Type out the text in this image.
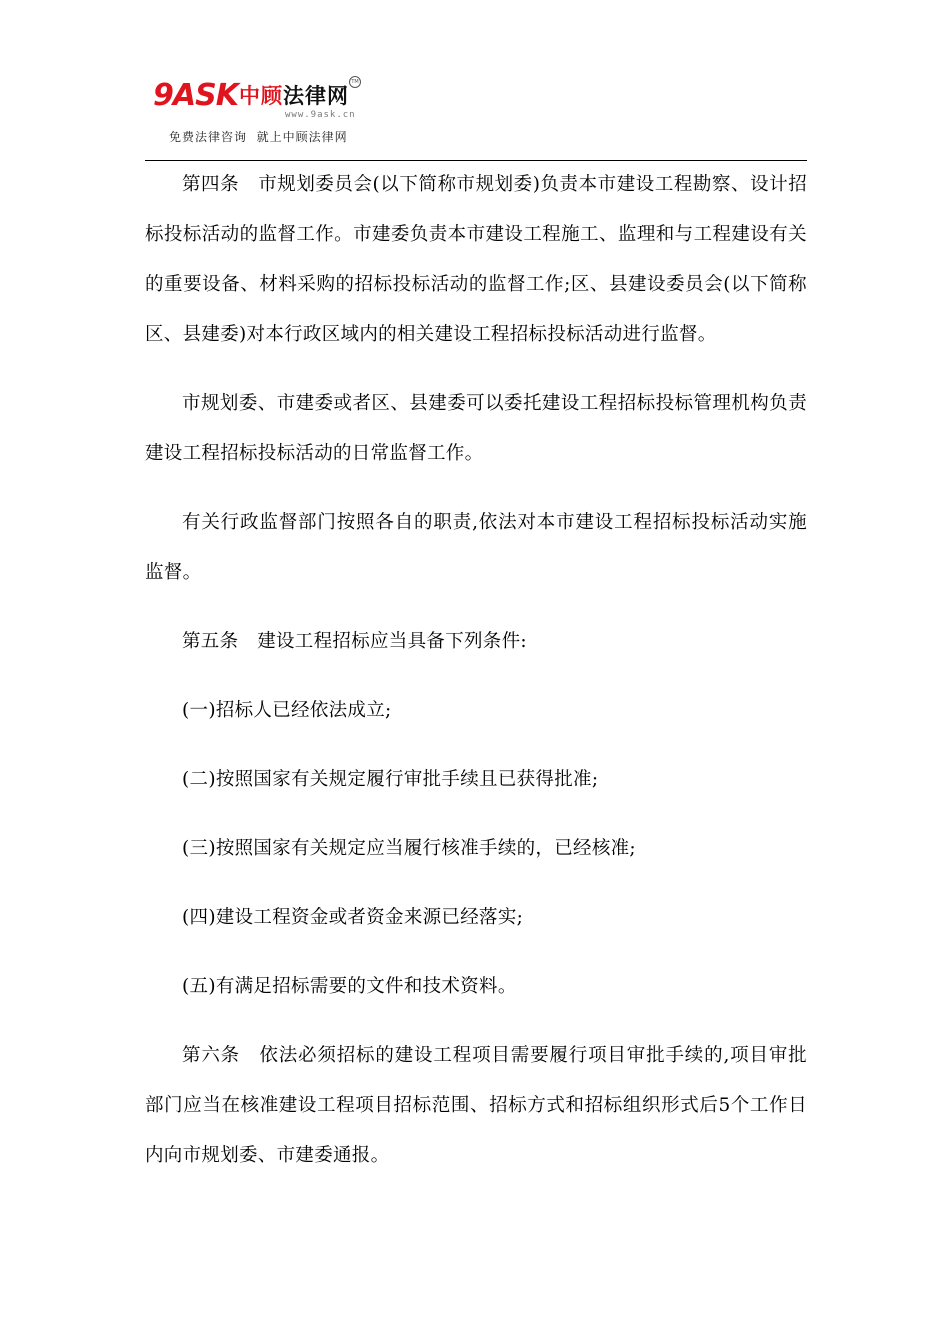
9ASK 中顾法律网
TM
www.9ask.cn
免费法律咨询  就上中顾法律网

第四条　市规划委员会(以下简称市规划委)负责本市建设工程勘察、设计招标投标活动的监督工作。市建委负责本市建设工程施工、监理和与工程建设有关的重要设备、材料采购的招标投标活动的监督工作;区、县建设委员会(以下简称区、县建委)对本行政区域内的相关建设工程招标投标活动进行监督。

市规划委、市建委或者区、县建委可以委托建设工程招标投标管理机构负责建设工程招标投标活动的日常监督工作。

有关行政监督部门按照各自的职责,依法对本市建设工程招标投标活动实施监督。

第五条　建设工程招标应当具备下列条件:

(一)招标人已经依法成立;

(二)按照国家有关规定履行审批手续且已获得批准;

(三)按照国家有关规定应当履行核准手续的，已经核准;

(四)建设工程资金或者资金来源已经落实;

(五)有满足招标需要的文件和技术资料。

第六条　依法必须招标的建设工程项目需要履行项目审批手续的,项目审批部门应当在核准建设工程项目招标范围、招标方式和招标组织形式后5个工作日内向市规划委、市建委通报。
